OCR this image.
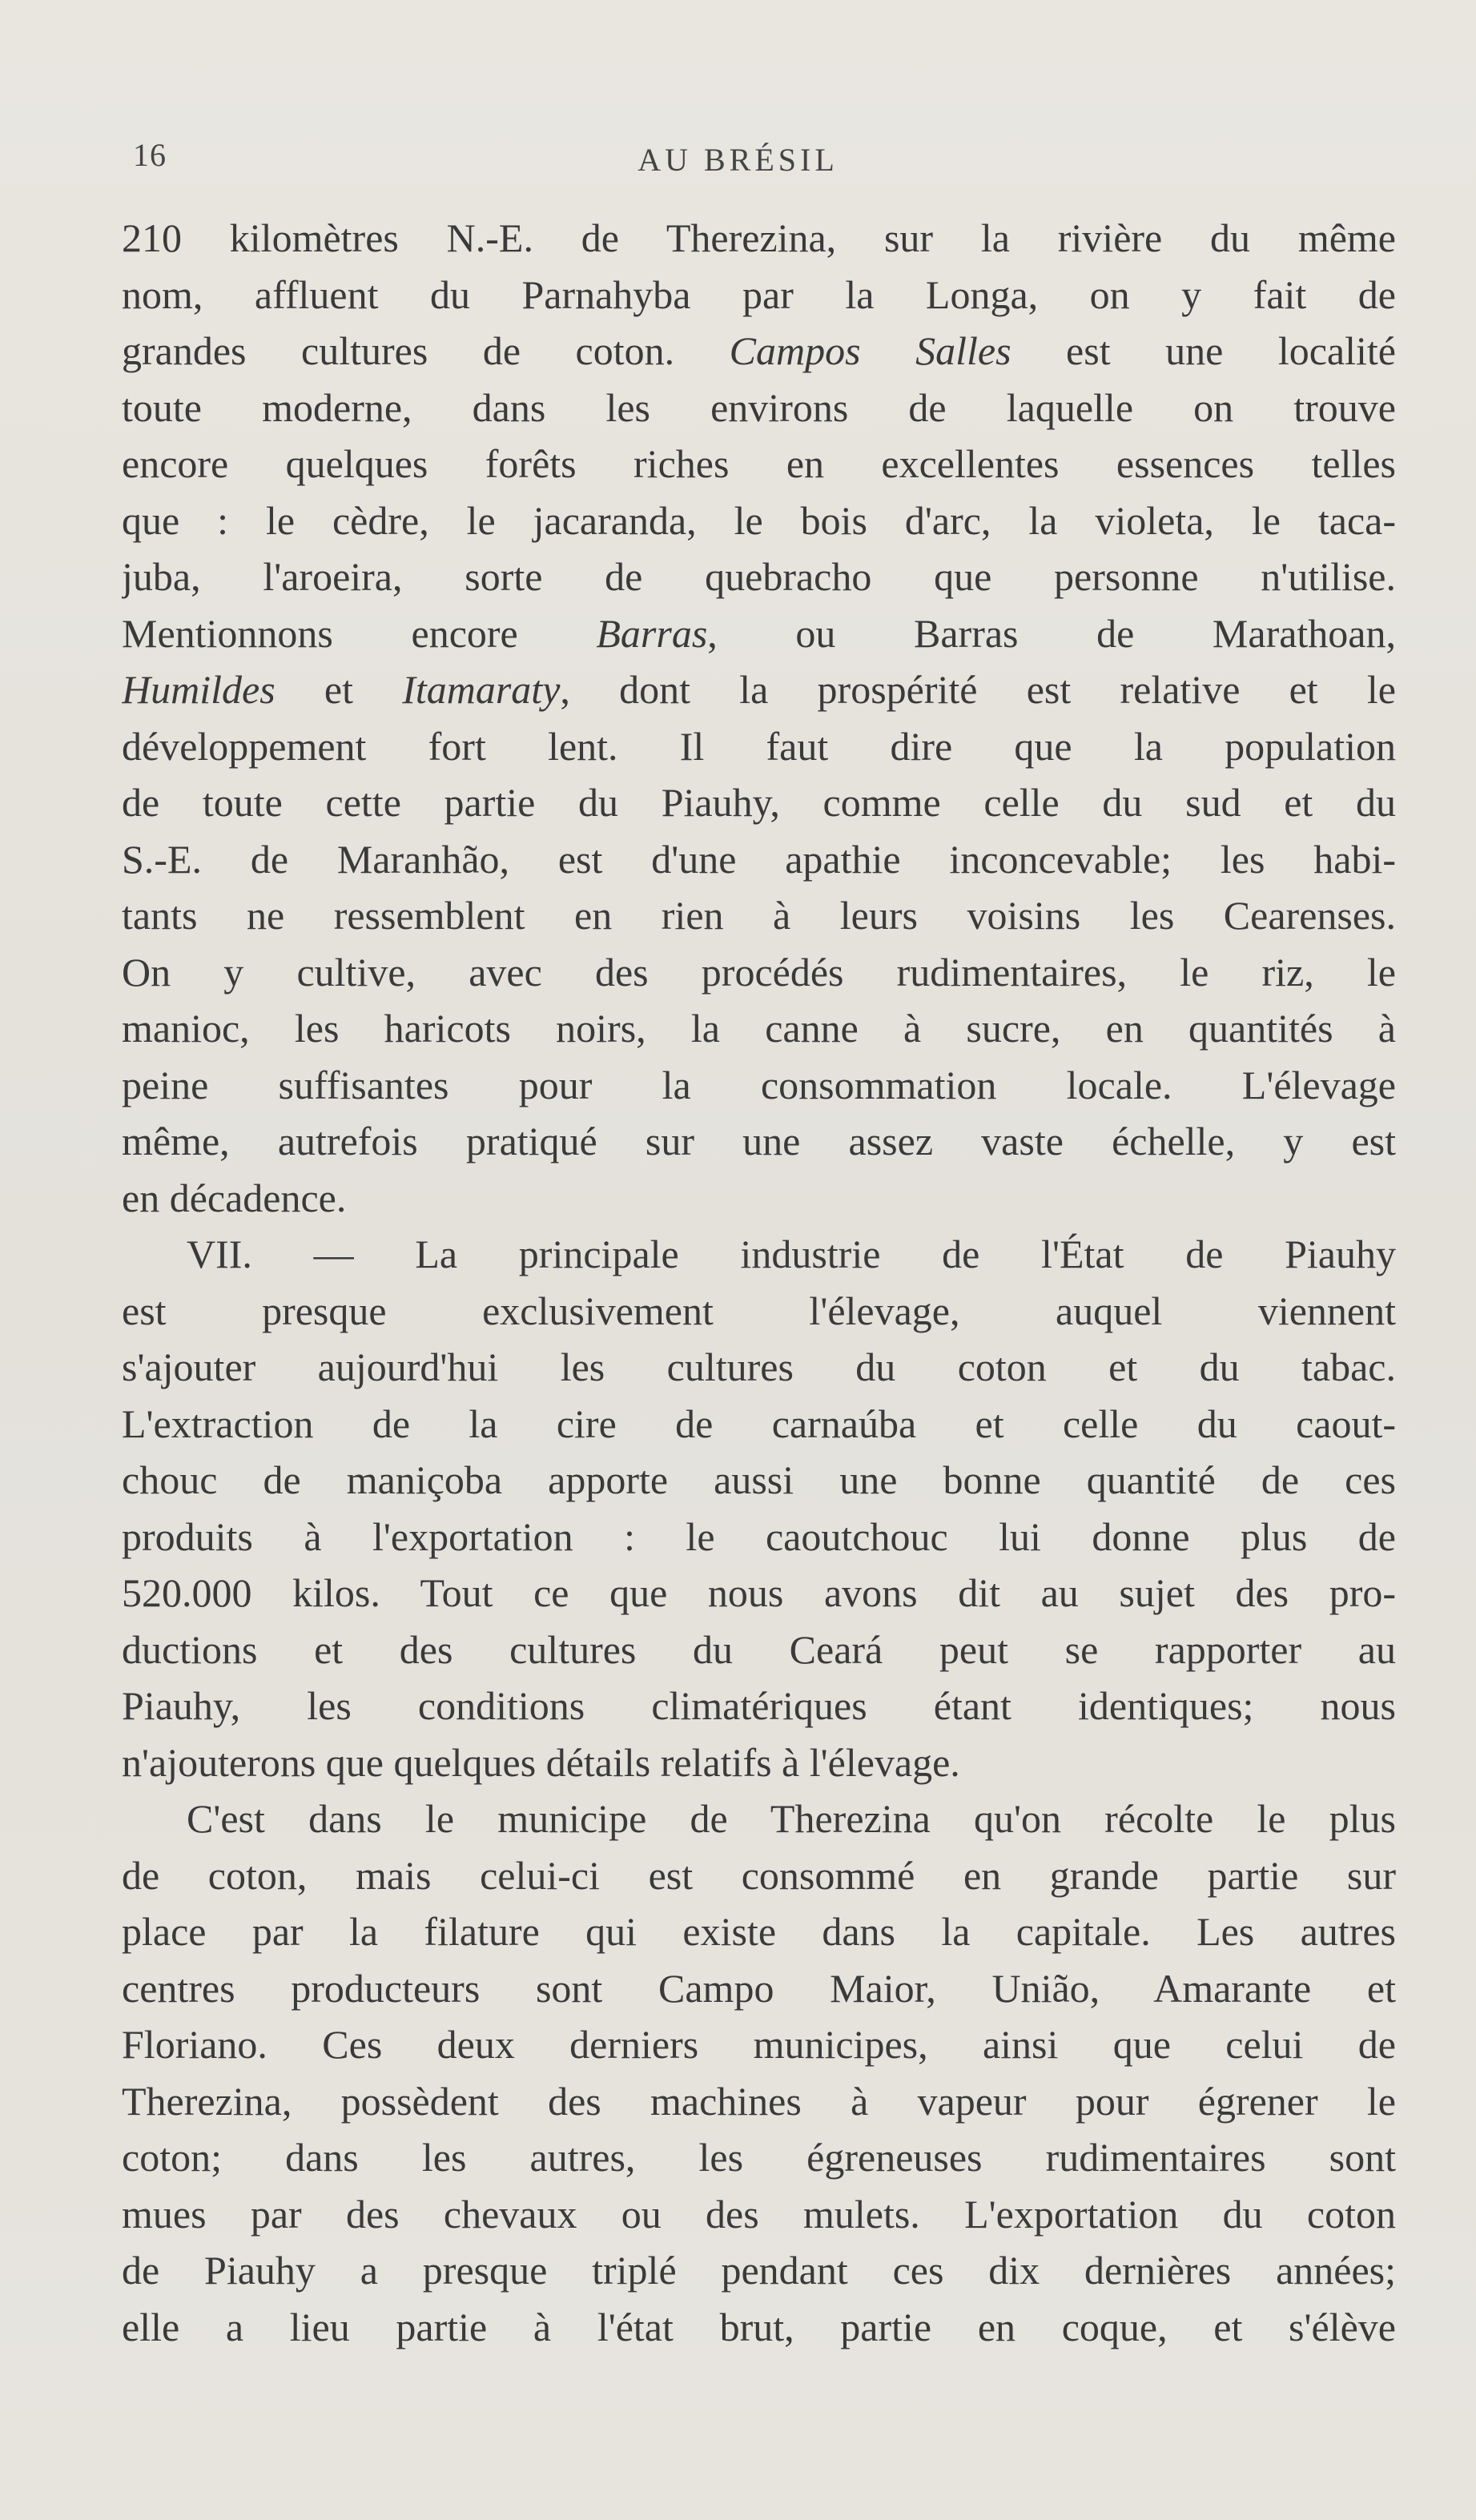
16	AU BRÉSIL
210 kilomètres N.-E. de Therezina, sur la rivière du même
nom, affluent du Parnahyba par la Longa, on y fait de
grandes cultures de coton. Campos Salles est une localité
toute moderne, dans les environs de laquelle on trouve
encore quelques forêts riches en excellentes essences telles
que : le cèdre, le jacaranda, le bois d'arc, la violeta, le taca-
juba, l'aroeira, sorte de quebracho que personne n'utilise.
Mentionnons encore Barras, ou Barras de Marathoan,
Humildes et Itamaraty, dont la prospérité est relative et le
développement fort lent. Il faut dire que la population
de toute cette partie du Piauhy, comme celle du sud et du
S.-E. de Maranhão, est d'une apathie inconcevable; les habi-
tants ne ressemblent en rien à leurs voisins les Cearenses.
On y cultive, avec des procédés rudimentaires, le riz, le
manioc, les haricots noirs, la canne à sucre, en quantités à
peine suffisantes pour la consommation locale. L'élevage
même, autrefois pratiqué sur une assez vaste échelle, y est
en décadence.
VII. — La principale industrie de l'État de Piauhy
est presque exclusivement l'élevage, auquel viennent
s'ajouter aujourd'hui les cultures du coton et du tabac.
L'extraction de la cire de carnaúba et celle du caout-
chouc de maniçoba apporte aussi une bonne quantité de ces
produits à l'exportation : le caoutchouc lui donne plus de
520.000 kilos. Tout ce que nous avons dit au sujet des pro-
ductions et des cultures du Ceará peut se rapporter au
Piauhy, les conditions climatériques étant identiques; nous
n'ajouterons que quelques détails relatifs à l'élevage.
C'est dans le municipe de Therezina qu'on récolte le plus
de coton, mais celui-ci est consommé en grande partie sur
place par la filature qui existe dans la capitale. Les autres
centres producteurs sont Campo Maior, União, Amarante et
Floriano. Ces deux derniers municipes, ainsi que celui de
Therezina, possèdent des machines à vapeur pour égrener le
coton; dans les autres, les égreneuses rudimentaires sont
mues par des chevaux ou des mulets. L'exportation du coton
de Piauhy a presque triplé pendant ces dix dernières années;
elle a lieu partie à l'état brut, partie en coque, et s'élève
